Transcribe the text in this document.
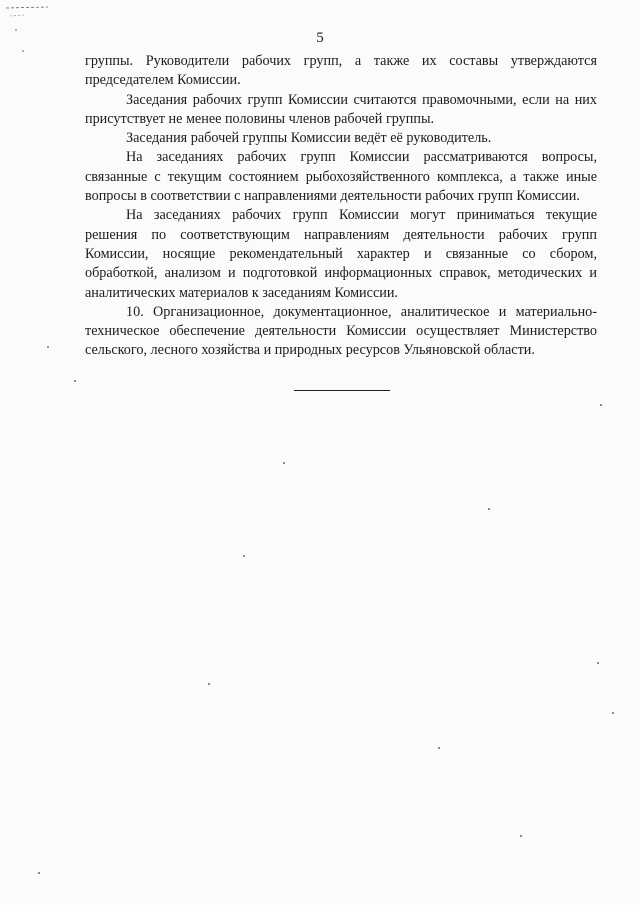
5

группы. Руководители рабочих групп, а также их составы утверждаются председателем Комиссии.

Заседания рабочих групп Комиссии считаются правомочными, если на них присутствует не менее половины членов рабочей группы.

Заседания рабочей группы Комиссии ведёт её руководитель.

На заседаниях рабочих групп Комиссии рассматриваются вопросы, связанные с текущим состоянием рыбохозяйственного комплекса, а также иные вопросы в соответствии с направлениями деятельности рабочих групп Комиссии.

На заседаниях рабочих групп Комиссии могут приниматься текущие решения по соответствующим направлениям деятельности рабочих групп Комиссии, носящие рекомендательный характер и связанные со сбором, обработкой, анализом и подготовкой информационных справок, методических и аналитических материалов к заседаниям Комиссии.

10. Организационное, документационное, аналитическое и материально-техническое обеспечение деятельности Комиссии осуществляет Министерство сельского, лесного хозяйства и природных ресурсов Ульяновской области.
